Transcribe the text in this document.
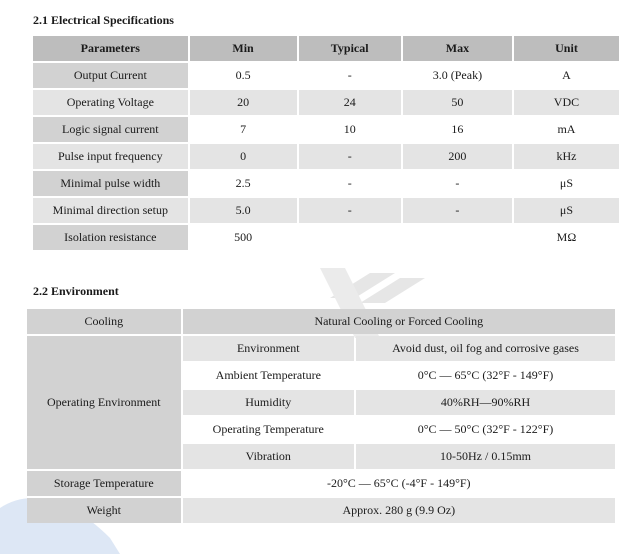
2.1 Electrical Specifications
Parameters	Min	Typical	Max	Unit
Output Current	0.5	-	3.0 (Peak)	A
Operating Voltage	20	24	50	VDC
Logic signal current	7	10	16	mA
Pulse input frequency	0	-	200	kHz
Minimal pulse width	2.5	-	-	μS
Minimal direction setup	5.0	-	-	μS
Isolation resistance	500			MΩ
2.2 Environment
Cooling	Natural Cooling or Forced Cooling	
Operating Environment	Environment	Avoid dust, oil fog and corrosive gases
	Ambient Temperature	0°C — 65°C (32°F - 149°F)
	Humidity	40%RH—90%RH
	Operating Temperature	0°C — 50°C (32°F - 122°F)
	Vibration	10-50Hz / 0.15mm
Storage Temperature	-20°C — 65°C (-4°F - 149°F)	
Weight	Approx. 280 g (9.9 Oz)	
